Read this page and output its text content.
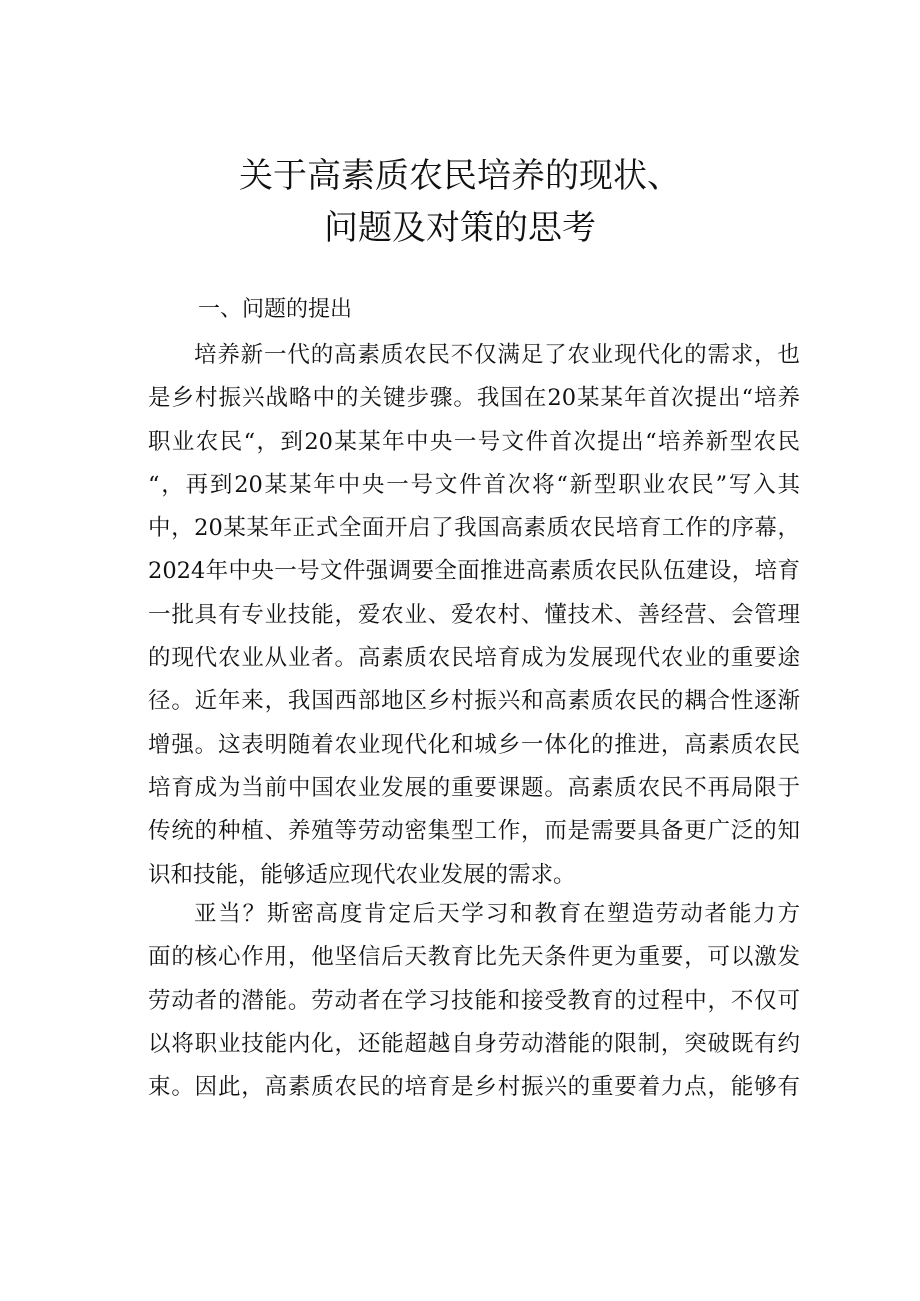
关于高素质农民培养的现状、
问题及对策的思考
一、问题的提出
培养新一代的高素质农民不仅满足了农业现代化的需求，也
是乡村振兴战略中的关键步骤。我国在20某某年首次提出“培养
职业农民“，到20某某年中央一号文件首次提出“培养新型农民
“，再到20某某年中央一号文件首次将“新型职业农民”写入其
中，20某某年正式全面开启了我国高素质农民培育工作的序幕，
2024年中央一号文件强调要全面推进高素质农民队伍建设，培育
一批具有专业技能，爱农业、爱农村、懂技术、善经营、会管理
的现代农业从业者。高素质农民培育成为发展现代农业的重要途
径。近年来，我国西部地区乡村振兴和高素质农民的耦合性逐渐
增强。这表明随着农业现代化和城乡一体化的推进，高素质农民
培育成为当前中国农业发展的重要课题。高素质农民不再局限于
传统的种植、养殖等劳动密集型工作，而是需要具备更广泛的知
识和技能，能够适应现代农业发展的需求。
亚当？斯密高度肯定后天学习和教育在塑造劳动者能力方
面的核心作用，他坚信后天教育比先天条件更为重要，可以激发
劳动者的潜能。劳动者在学习技能和接受教育的过程中，不仅可
以将职业技能内化，还能超越自身劳动潜能的限制，突破既有约
束。因此，高素质农民的培育是乡村振兴的重要着力点，能够有
